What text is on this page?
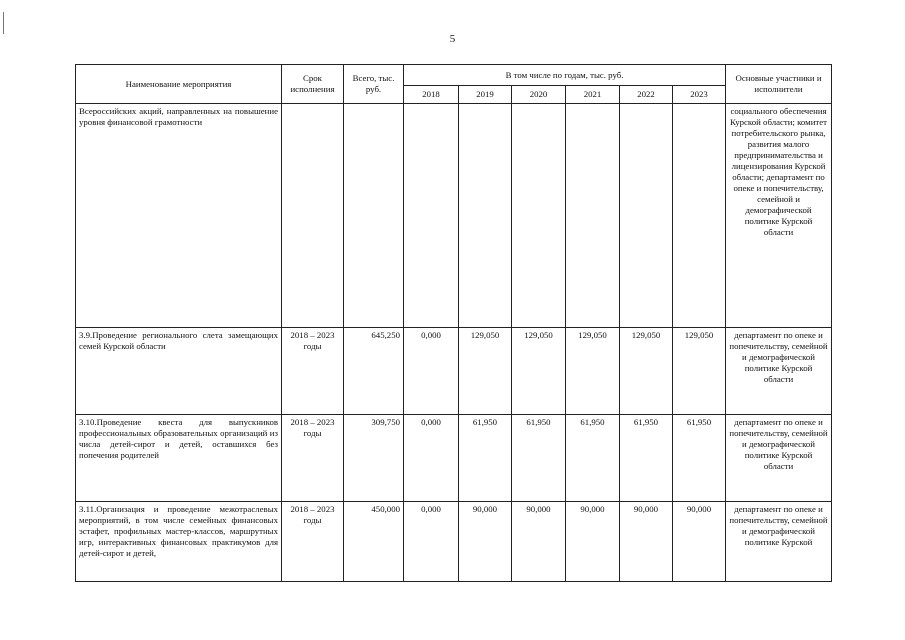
5
Наименование мероприятия	Срок исполнения	Всего, тыс. руб.	В том числе по годам, тыс. руб.						Основные участники и исполнители
			2018	2019	2020	2021	2022	2023	
Всероссийских акций, направленных на повышение уровня финансовой грамотности									социального обеспечения Курской области; комитет потребительского рынка, развития малого предпринимательства и лицензирования Курской области; департамент по опеке и попечительству, семейной и демографической политике Курской области
3.9.Проведение регионального слета замещающих семей Курской области	2018 – 2023 годы	645,250	0,000	129,050	129,050	129,050	129,050	129,050	департамент по опеке и попечительству, семейной и демографической политике Курской области
3.10.Проведение квеста для выпускников профессиональных образовательных организаций из числа детей-сирот и детей, оставшихся без попечения родителей	2018 – 2023 годы	309,750	0,000	61,950	61,950	61,950	61,950	61,950	департамент по опеке и попечительству, семейной и демографической политике Курской области
3.11.Организация и проведение межотраслевых мероприятий, в том числе семейных финансовых эстафет, профильных мастер-классов, маршрутных игр, интерактивных финансовых практикумов для детей-сирот и детей,	2018 – 2023 годы	450,000	0,000	90,000	90,000	90,000	90,000	90,000	департамент по опеке и попечительству, семейной и демографической политике Курской
